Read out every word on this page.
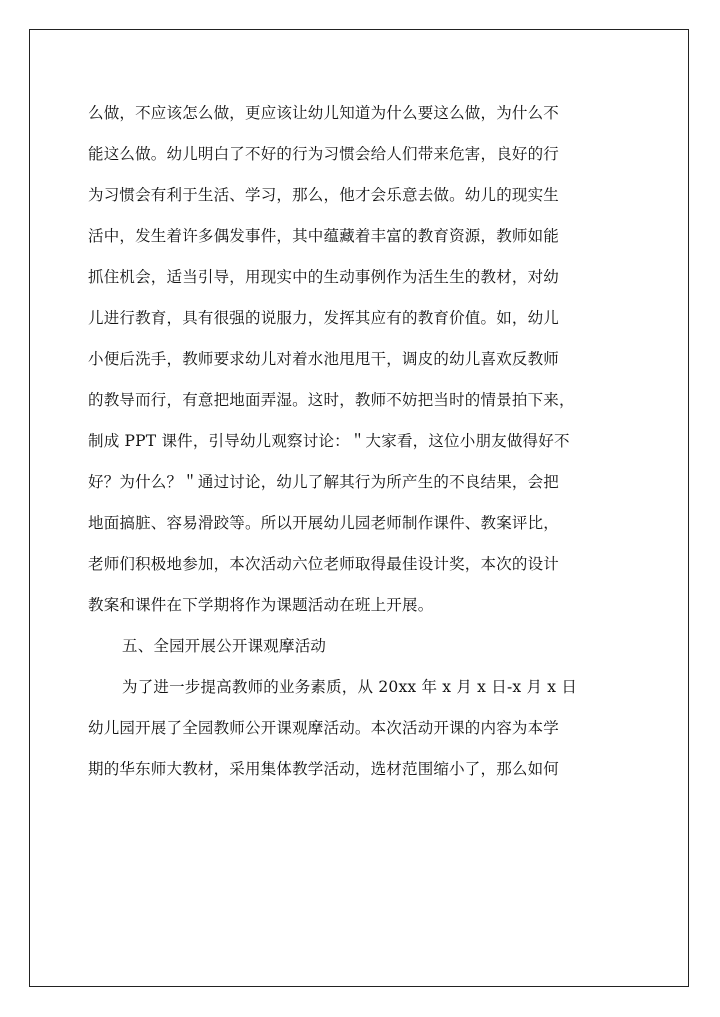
么做，不应该怎么做，更应该让幼儿知道为什么要这么做，为什么不
能这么做。幼儿明白了不好的行为习惯会给人们带来危害，良好的行
为习惯会有利于生活、学习，那么，他才会乐意去做。幼儿的现实生
活中，发生着许多偶发事件，其中蕴藏着丰富的教育资源，教师如能
抓住机会，适当引导，用现实中的生动事例作为活生生的教材，对幼
儿进行教育，具有很强的说服力，发挥其应有的教育价值。如，幼儿
小便后洗手，教师要求幼儿对着水池甩甩干，调皮的幼儿喜欢反教师
的教导而行，有意把地面弄湿。这时，教师不妨把当时的情景拍下来，
制成 PPT 课件，引导幼儿观察讨论：＂大家看，这位小朋友做得好不
好？为什么？＂通过讨论，幼儿了解其行为所产生的不良结果，会把
地面搞脏、容易滑跤等。所以开展幼儿园老师制作课件、教案评比，
老师们积极地参加，本次活动六位老师取得最佳设计奖，本次的设计
教案和课件在下学期将作为课题活动在班上开展。
五、全园开展公开课观摩活动
为了进一步提高教师的业务素质，从 20xx 年 x 月 x 日-x 月 x 日
幼儿园开展了全园教师公开课观摩活动。本次活动开课的内容为本学
期的华东师大教材，采用集体教学活动，选材范围缩小了，那么如何
